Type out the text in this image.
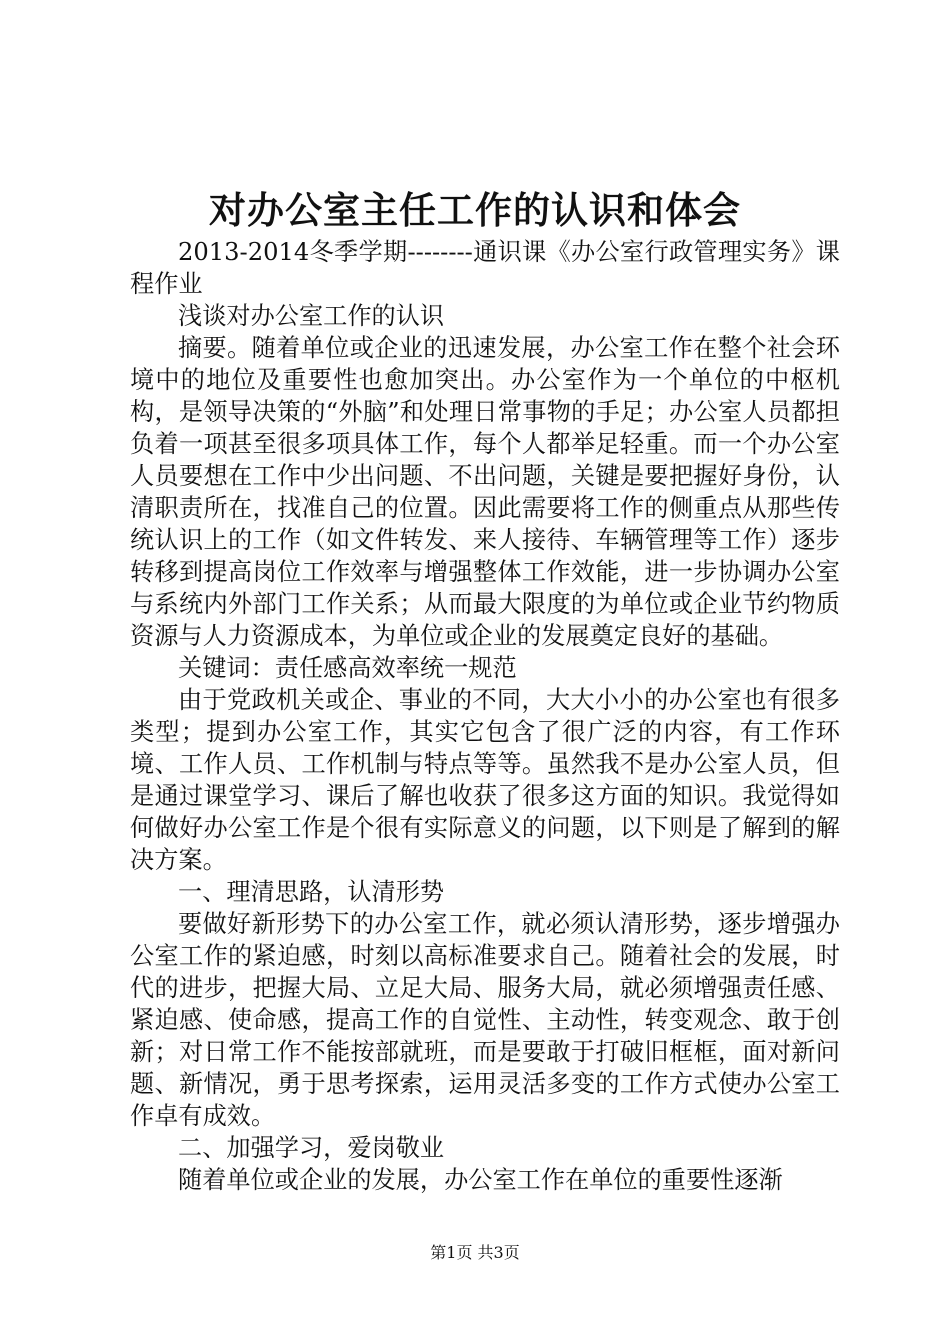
对办公室主任工作的认识和体会

2013-2014冬季学期--------通识课《办公室行政管理实务》课程作业

浅谈对办公室工作的认识

摘要。随着单位或企业的迅速发展，办公室工作在整个社会环境中的地位及重要性也愈加突出。办公室作为一个单位的中枢机构，是领导决策的“外脑”和处理日常事物的手足；办公室人员都担负着一项甚至很多项具体工作，每个人都举足轻重。而一个办公室人员要想在工作中少出问题、不出问题，关键是要把握好身份，认清职责所在，找准自己的位置。因此需要将工作的侧重点从那些传统认识上的工作（如文件转发、来人接待、车辆管理等工作）逐步转移到提高岗位工作效率与增强整体工作效能，进一步协调办公室与系统内外部门工作关系；从而最大限度的为单位或企业节约物质资源与人力资源成本，为单位或企业的发展奠定良好的基础。

关键词：责任感高效率统一规范

由于党政机关或企、事业的不同，大大小小的办公室也有很多类型；提到办公室工作，其实它包含了很广泛的内容，有工作环境、工作人员、工作机制与特点等等。虽然我不是办公室人员，但是通过课堂学习、课后了解也收获了很多这方面的知识。我觉得如何做好办公室工作是个很有实际意义的问题，以下则是了解到的解决方案。

一、理清思路，认清形势

要做好新形势下的办公室工作，就必须认清形势，逐步增强办公室工作的紧迫感，时刻以高标准要求自己。随着社会的发展，时代的进步，把握大局、立足大局、服务大局，就必须增强责任感、紧迫感、使命感，提高工作的自觉性、主动性，转变观念、敢于创新；对日常工作不能按部就班，而是要敢于打破旧框框，面对新问题、新情况，勇于思考探索，运用灵活多变的工作方式使办公室工作卓有成效。

二、加强学习，爱岗敬业

随着单位或企业的发展，办公室工作在单位的重要性逐渐

第1页 共3页
